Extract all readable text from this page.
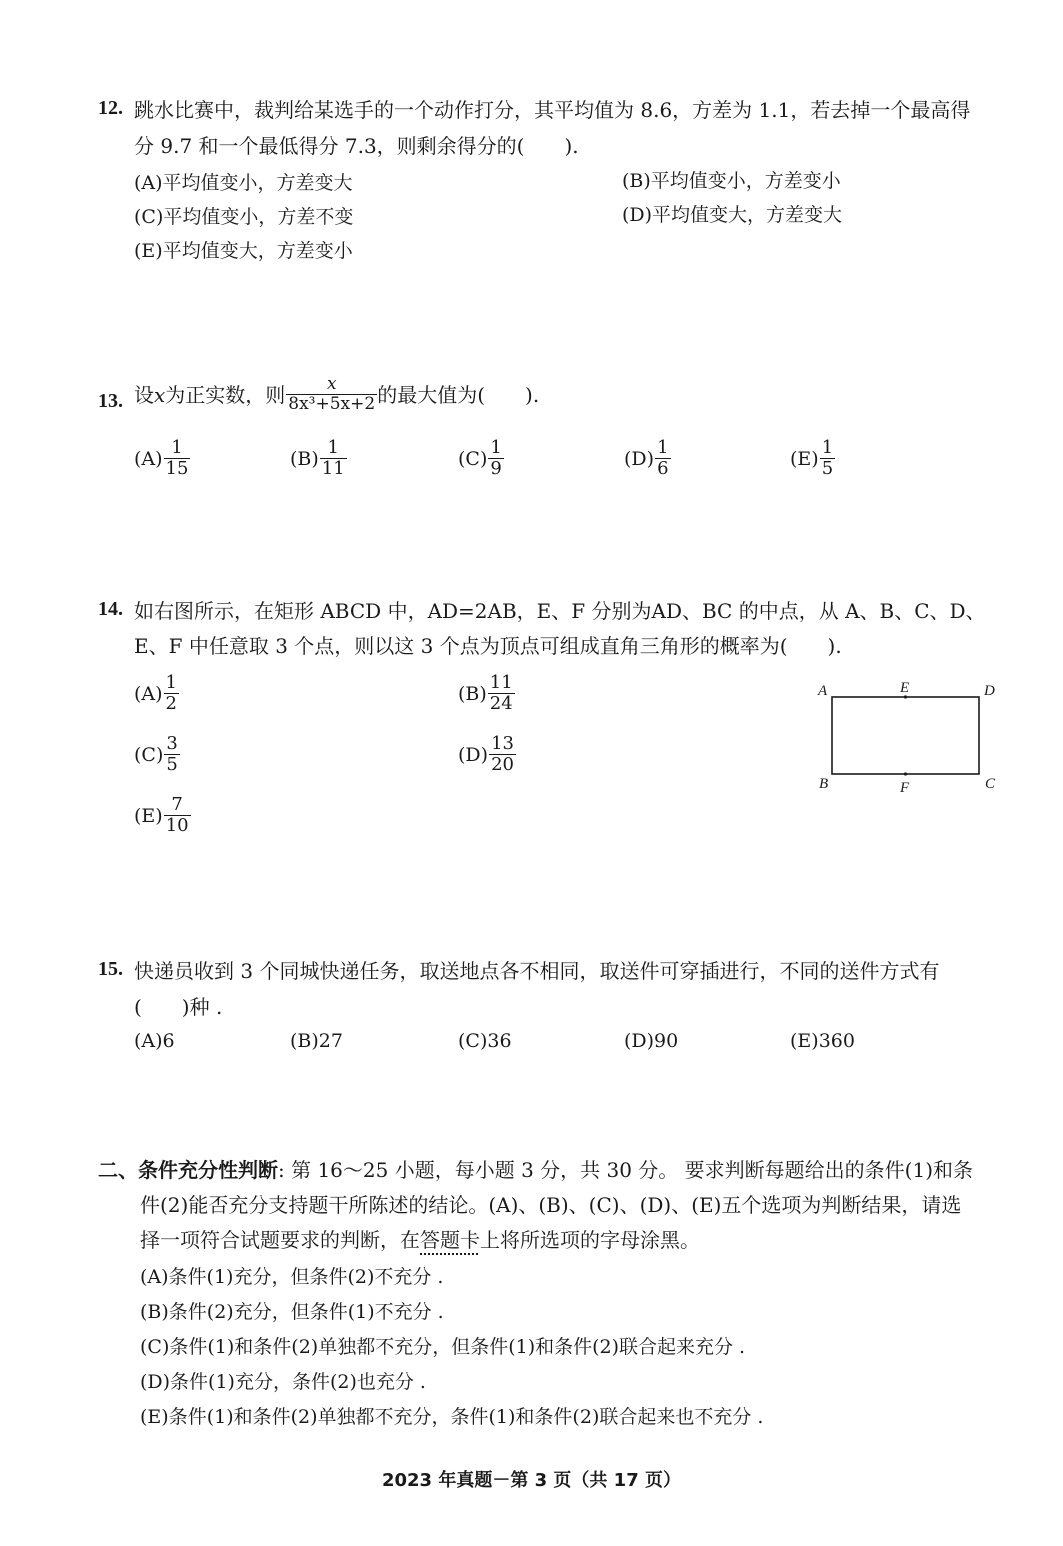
12. 跳水比赛中，裁判给某选手的一个动作打分，其平均值为 8.6，方差为 1.1，若去掉一个最高得
分 9.7 和一个最低得分 7.3，则剩余得分的(　　).
(A)平均值变小，方差变大	(B)平均值变小，方差变小
(C)平均值变小，方差不变	(D)平均值变大，方差变大
(E)平均值变大，方差变小
13. 设 x 为正实数，则 $\frac{x}{\text{8x³+5x+2}}$ 的最大值为(　　).
$(A) \frac{1}{15}$	$(B) \frac{1}{11}$	$(C) \frac{1}{9}$	$(D) \frac{1}{6}$	$(E) \frac{1}{5}$
14. 如右图所示，在矩形 ABCD 中，AD=2AB，E、F 分别为AD、BC 的中点，从 A、B、C、D、
E、F 中任意取 3 个点，则以这 3 个点为顶点可组成直角三角形的概率为(　　).
$(A) \frac{1}{2}$	$(B) \frac{11}{24}$
$(C) \frac{3}{5}$	$(D) \frac{13}{20}$
$(E) \frac{7}{10}$
A	E	D
B	F	C
15. 快递员收到 3 个同城快递任务，取送地点各不相同，取送件可穿插进行，不同的送件方式有
(　　)种 .
(A)6	(B)27	(C)36	(D)90	(E)360
二、条件充分性判断: 第 16～25 小题，每小题 3 分，共 30 分。 要求判断每题给出的条件(1)和条
件(2)能否充分支持题干所陈述的结论。(A)、(B)、(C)、(D)、(E)五个选项为判断结果，请选
择一项符合试题要求的判断，在答题卡上将所选项的字母涂黑。
(A)条件(1)充分，但条件(2)不充分 .
(B)条件(2)充分，但条件(1)不充分 .
(C)条件(1)和条件(2)单独都不充分，但条件(1)和条件(2)联合起来充分 .
(D)条件(1)充分，条件(2)也充分 .
(E)条件(1)和条件(2)单独都不充分，条件(1)和条件(2)联合起来也不充分 .
2023 年真题－第 3 页（共 17 页）
